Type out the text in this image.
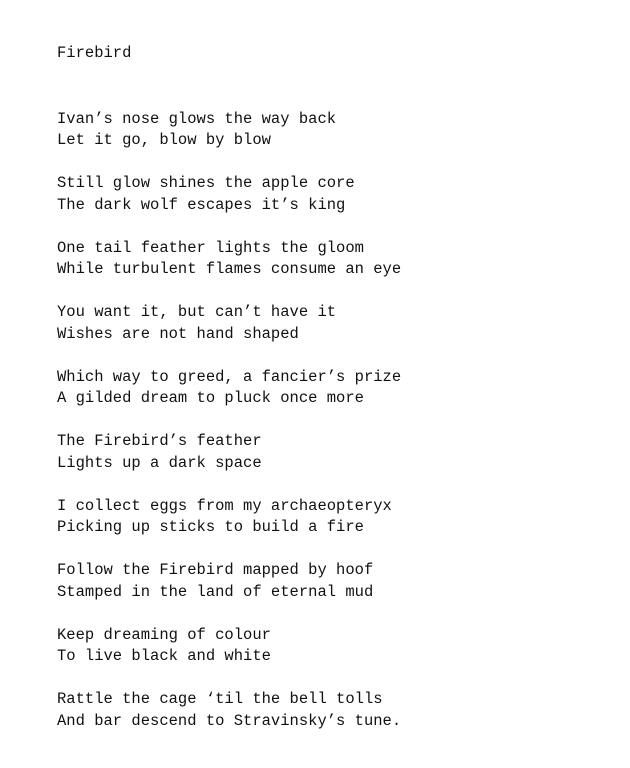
Firebird
Ivan’s nose glows the way back
Let it go, blow by blow
Still glow shines the apple core
The dark wolf escapes it’s king
One tail feather lights the gloom
While turbulent flames consume an eye
You want it, but can’t have it
Wishes are not hand shaped
Which way to greed, a fancier’s prize
A gilded dream to pluck once more
The Firebird’s feather
Lights up a dark space
I collect eggs from my archaeopteryx
Picking up sticks to build a fire
Follow the Firebird mapped by hoof
Stamped in the land of eternal mud
Keep dreaming of colour
To live black and white
Rattle the cage ‘til the bell tolls
And bar descend to Stravinsky’s tune.
